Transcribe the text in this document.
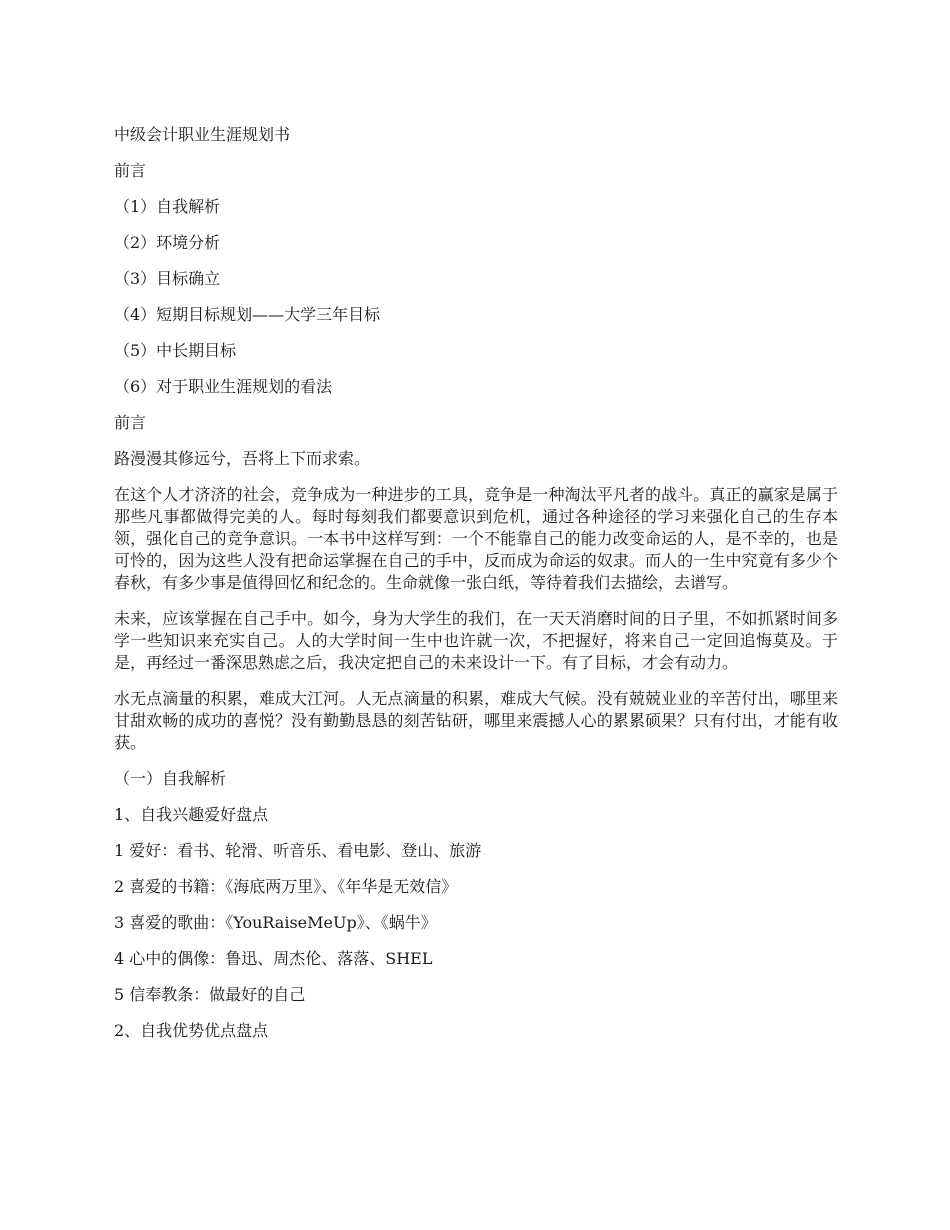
中级会计职业生涯规划书

前言

（1）自我解析

（2）环境分析

（3）目标确立

（4）短期目标规划——大学三年目标

（5）中长期目标

（6）对于职业生涯规划的看法

前言

路漫漫其修远兮，吾将上下而求索。

在这个人才济济的社会，竞争成为一种进步的工具，竞争是一种淘汰平凡者的战斗。真正的赢家是属于那些凡事都做得完美的人。每时每刻我们都要意识到危机，通过各种途径的学习来强化自己的生存本领，强化自己的竞争意识。一本书中这样写到：一个不能靠自己的能力改变命运的人，是不幸的，也是可怜的，因为这些人没有把命运掌握在自己的手中，反而成为命运的奴隶。而人的一生中究竟有多少个春秋，有多少事是值得回忆和纪念的。生命就像一张白纸，等待着我们去描绘，去谱写。

未来，应该掌握在自己手中。如今，身为大学生的我们，在一天天消磨时间的日子里，不如抓紧时间多学一些知识来充实自己。人的大学时间一生中也许就一次，不把握好，将来自己一定回追悔莫及。于是，再经过一番深思熟虑之后，我决定把自己的未来设计一下。有了目标，才会有动力。

水无点滴量的积累，难成大江河。人无点滴量的积累，难成大气候。没有兢兢业业的辛苦付出，哪里来甘甜欢畅的成功的喜悦？没有勤勤恳恳的刻苦钻研，哪里来震撼人心的累累硕果？只有付出，才能有收获。

（一）自我解析

1、自我兴趣爱好盘点

1 爱好：看书、轮滑、听音乐、看电影、登山、旅游

2 喜爱的书籍：《海底两万里》、《年华是无效信》

3 喜爱的歌曲：《YouRaiseMeUp》、《蜗牛》

4 心中的偶像：鲁迅、周杰伦、落落、SHEL

5 信奉教条：做最好的自己

2、自我优势优点盘点
